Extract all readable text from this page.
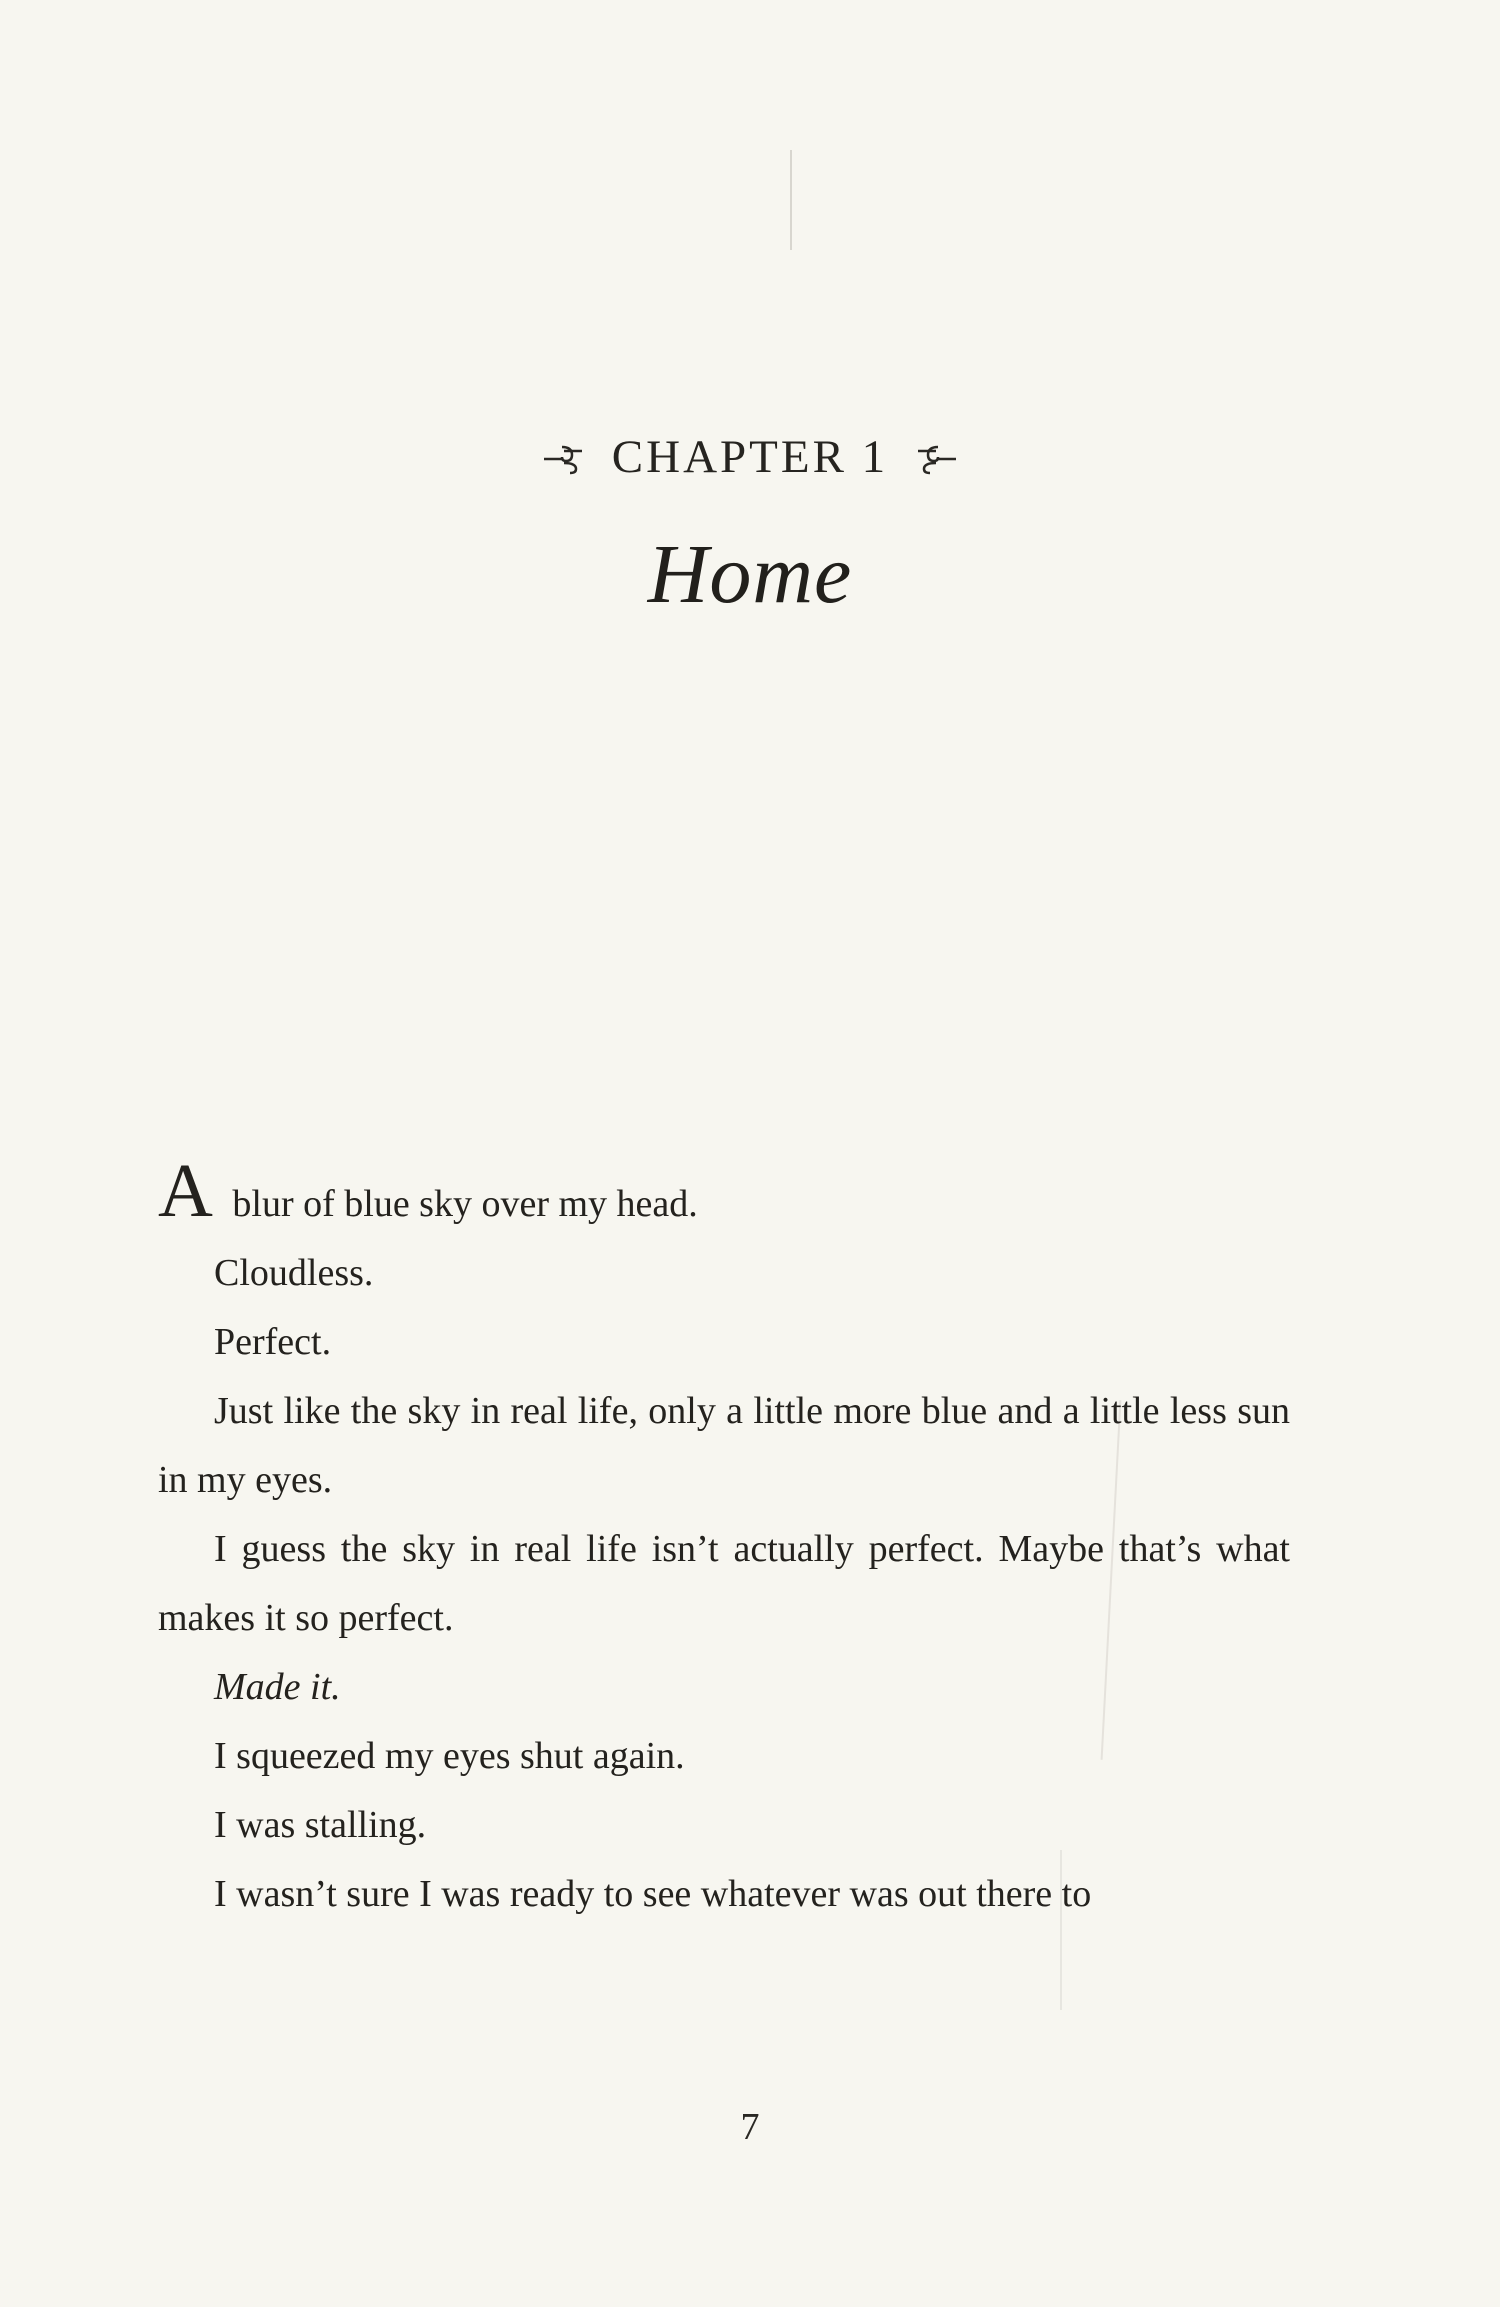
CHAPTER 1
Home

A blur of blue sky over my head.

Cloudless.

Perfect.

Just like the sky in real life, only a little more blue and a little less sun in my eyes.

I guess the sky in real life isn’t actually perfect. Maybe that’s what makes it so perfect.

Made it.

I squeezed my eyes shut again.

I was stalling.

I wasn’t sure I was ready to see whatever was out there to

7
